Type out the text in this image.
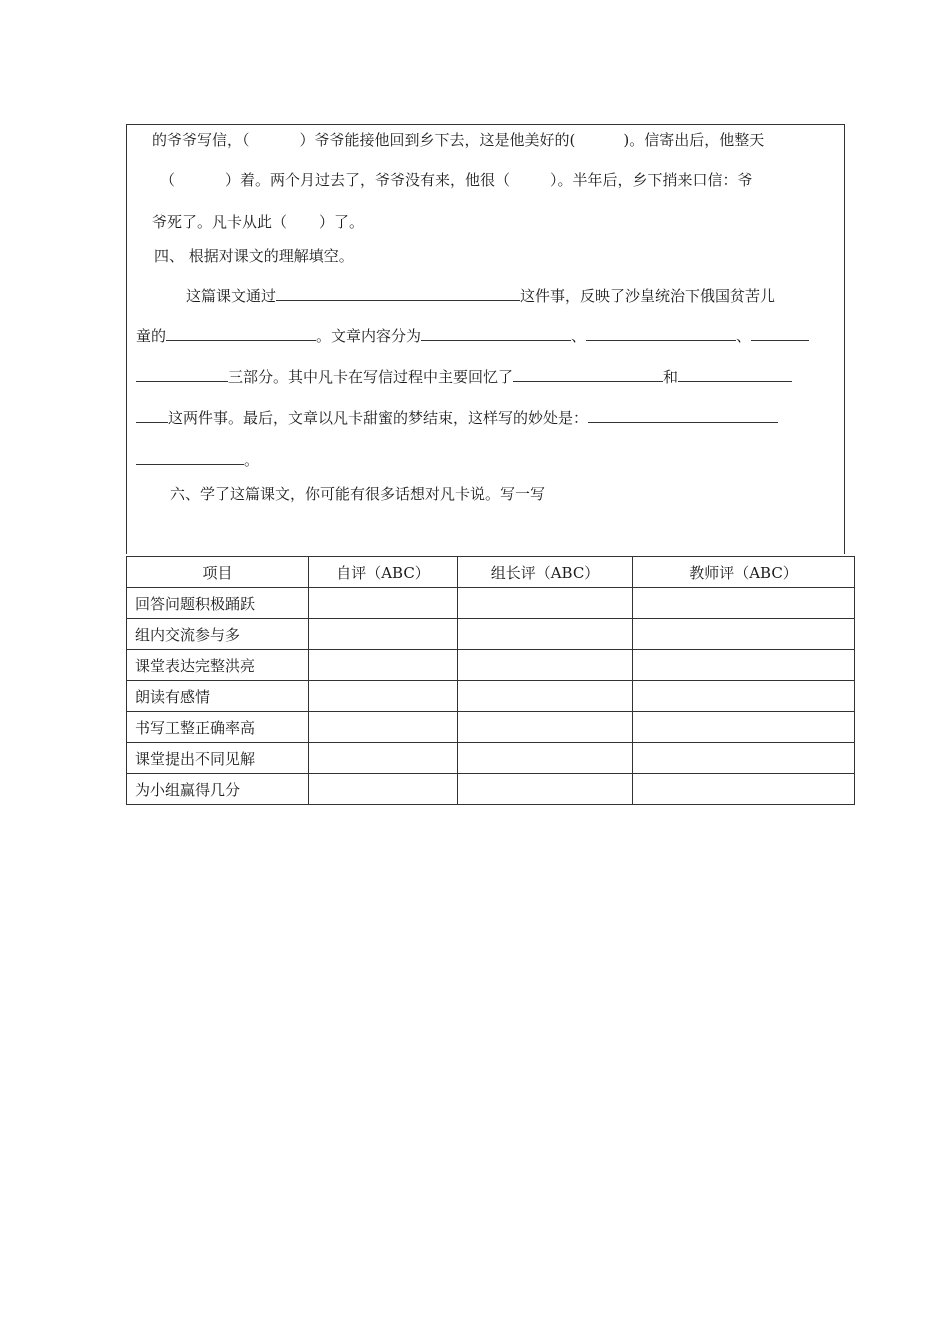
的爷爷写信，（	）爷爷能接他回到乡下去，这是他美好的(	)。信寄出后，他整天
（	）着。两个月过去了，爷爷没有来，他很（	）。半年后，乡下捎来口信：爷
爷死了。凡卡从此（ ）了。
四、 根据对课文的理解填空。
这篇课文通过	这件事，反映了沙皇统治下俄国贫苦儿
童的	。文章内容分为	、	、
三部分。其中凡卡在写信过程中主要回忆了	和
这两件事。最后，文章以凡卡甜蜜的梦结束，这样写的妙处是：
。
六、学了这篇课文，你可能有很多话想对凡卡说。写一写
项目	自评（ABC）	组长评（ABC）	教师评（ABC）
回答问题积极踊跃			
组内交流参与多			
课堂表达完整洪亮			
朗读有感情			
书写工整正确率高			
课堂提出不同见解			
为小组赢得几分			
